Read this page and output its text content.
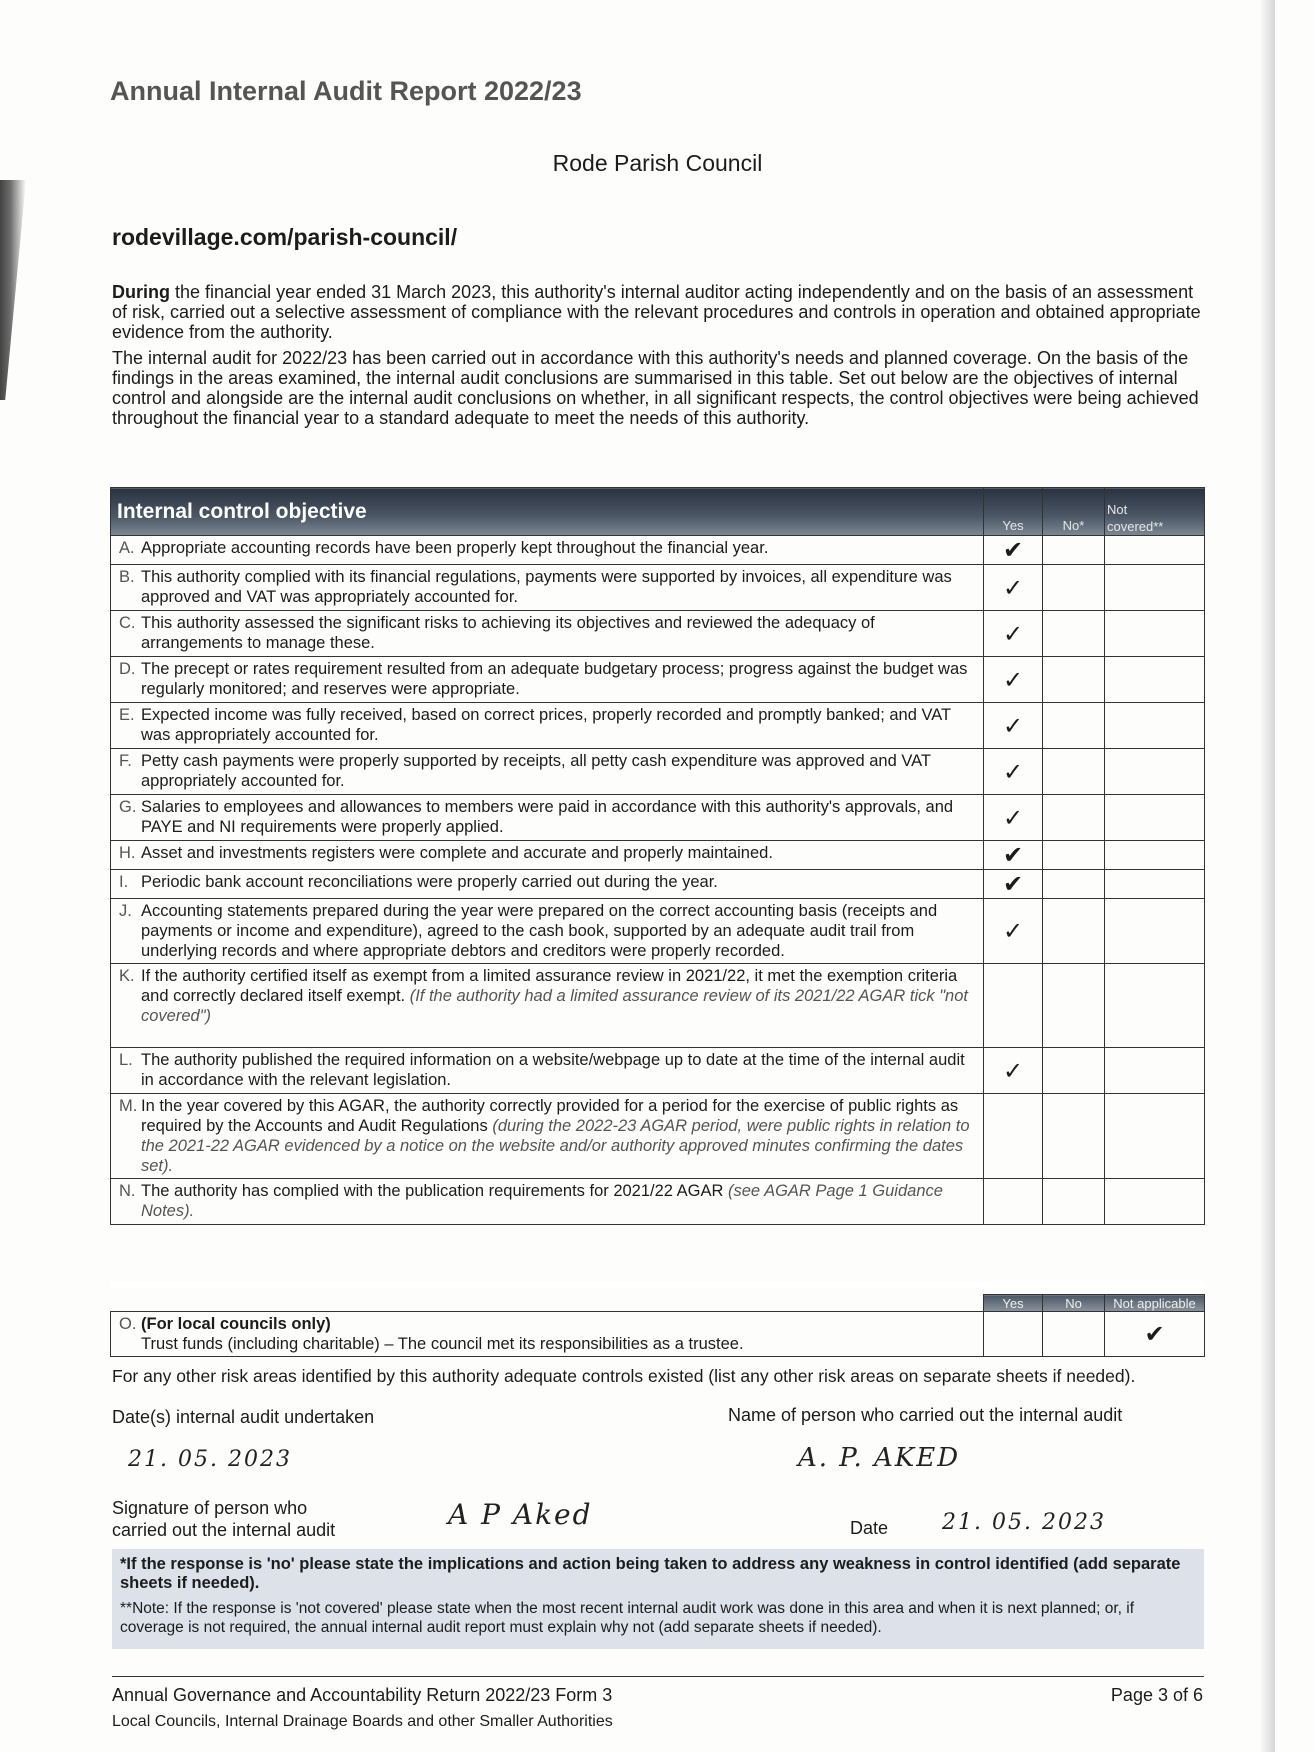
Annual Internal Audit Report 2022/23
Rode Parish Council
rodevillage.com/parish-council/

During the financial year ended 31 March 2023, this authority's internal auditor acting independently and on the basis of an assessment of risk, carried out a selective assessment of compliance with the relevant procedures and controls in operation and obtained appropriate evidence from the authority.

The internal audit for 2022/23 has been carried out in accordance with this authority's needs and planned coverage. On the basis of the findings in the areas examined, the internal audit conclusions are summarised in this table. Set out below are the objectives of internal control and alongside are the internal audit conclusions on whether, in all significant respects, the control objectives were being achieved throughout the financial year to a standard adequate to meet the needs of this authority.

Internal control objective	Yes	No*	Not
covered**

A. Appropriate accounting records have been properly kept throughout the financial year.	✔		

B. This authority complied with its financial regulations, payments were supported by invoices, all expenditure was approved and VAT was appropriately accounted for.	✓		

C. This authority assessed the significant risks to achieving its objectives and reviewed the adequacy of arrangements to manage these.	✓		

D. The precept or rates requirement resulted from an adequate budgetary process; progress against the budget was regularly monitored; and reserves were appropriate.	✓		

E. Expected income was fully received, based on correct prices, properly recorded and promptly banked; and VAT was appropriately accounted for.	✓		

F. Petty cash payments were properly supported by receipts, all petty cash expenditure was approved and VAT appropriately accounted for.	✓		

G. Salaries to employees and allowances to members were paid in accordance with this authority's approvals, and PAYE and NI requirements were properly applied.	✓		

H. Asset and investments registers were complete and accurate and properly maintained.	✔		

I. Periodic bank account reconciliations were properly carried out during the year.	✔		

J. Accounting statements prepared during the year were prepared on the correct accounting basis (receipts and payments or income and expenditure), agreed to the cash book, supported by an adequate audit trail from underlying records and where appropriate debtors and creditors were properly recorded.	✓		

K. If the authority certified itself as exempt from a limited assurance review in 2021/22, it met the exemption criteria and correctly declared itself exempt. (If the authority had a limited assurance review of its 2021/22 AGAR tick "not covered")			

L. The authority published the required information on a website/webpage up to date at the time of the internal audit in accordance with the relevant legislation.	✓		

M. In the year covered by this AGAR, the authority correctly provided for a period for the exercise of public rights as required by the Accounts and Audit Regulations (during the 2022-23 AGAR period, were public rights in relation to the 2021-22 AGAR evidenced by a notice on the website and/or authority approved minutes confirming the dates set).			

N. The authority has complied with the publication requirements for 2021/22 AGAR (see AGAR Page 1 Guidance Notes).			

	Yes	No	Not applicable
O. (For local councils only)
Trust funds (including charitable) – The council met its responsibilities as a trustee.			✔
For any other risk areas identified by this authority adequate controls existed (list any other risk areas on separate sheets if needed).
Date(s) internal audit undertaken
21. 05. 2023
Name of person who carried out the internal audit
A. P. AKED
Signature of person who
carried out the internal audit	A P Aked	Date 21. 05. 2023
*If the response is 'no' please state the implications and action being taken to address any weakness in control identified (add separate sheets if needed).
**Note: If the response is 'not covered' please state when the most recent internal audit work was done in this area and when it is next planned; or, if coverage is not required, the annual internal audit report must explain why not (add separate sheets if needed).
Annual Governance and Accountability Return 2022/23 Form 3	Page 3 of 6
Local Councils, Internal Drainage Boards and other Smaller Authorities
